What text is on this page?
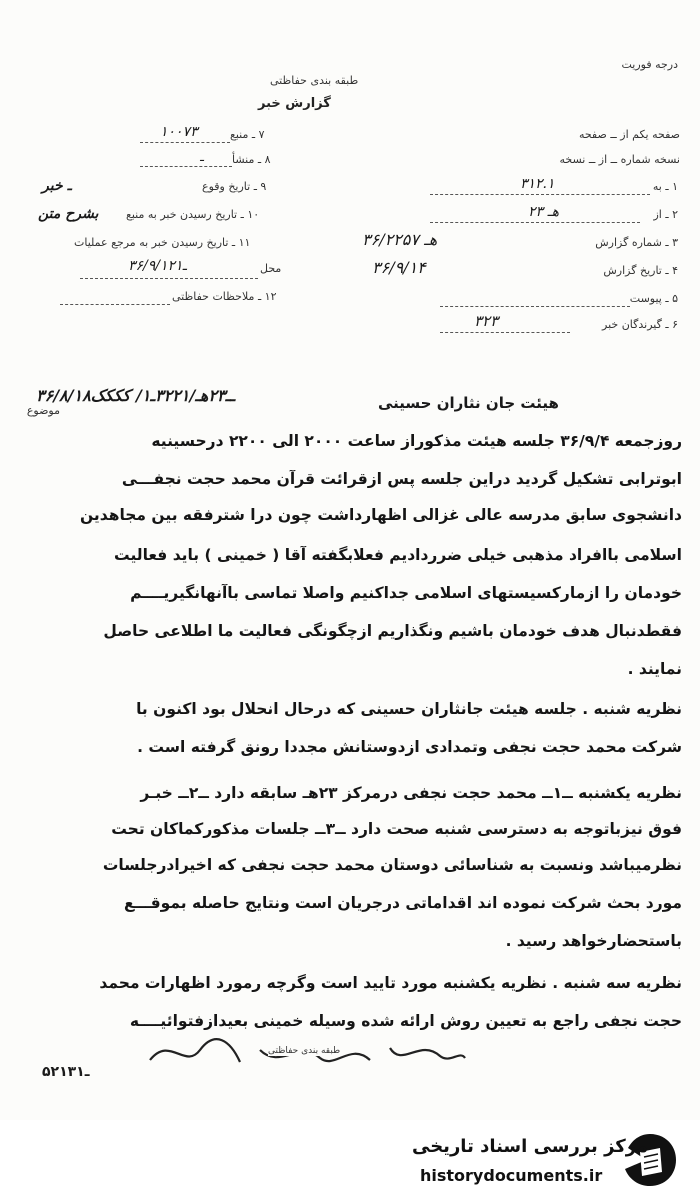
درجه فوريت
طبقه بندى حفاظتى
گزارش خبر
۷ ـ منبع
۱۰۰۷۳
۸ ـ منشأ
ـ
۹ ـ تاريخ وقوع
ـ خبر
۱۰ ـ تاريخ رسيدن خبر به منبع
بشرح متن
۱۱ ـ تاريخ رسيدن خبر به مرجع عمليات
محل
۳۶/۹/۱۲ـ۱
۱۲ ـ ملاحظات حفاظتى
صفحه يكم از ــ صفحه
نسخه شماره ــ از ــ نسخه
۱ ـ به
۳۱۲.۱
۲ ـ از
۲۳ هـ
۳ ـ شماره گزارش
۳۶/۲۲۵۷ هـ
۴ ـ تاريخ گزارش
۳۶/۹/۱۴
۵ ـ پيوست
۶ ـ گيرندگان خبر
۳۲۳
۳۶/۸/۱۸ــ۲۳هـ/۳۲۲۱ـ۱/ کککک
موضوع	هيئت جان نثاران حسينى
روزجمعه ۳۶/۹/۴ جلسه هيئت مذكوراز ساعت ۲۰۰۰ الى ۲۲۰۰ درحسينيه
ابوترابى تشكيل گرديد دراين جلسه پس ازقرائت قرآن محمد حجت نجفـــى
دانشجوى سابق مدرسه عالى غزالى اظهارداشت چون درا شترفقه بين مجاهدين
اسلامى باافراد مذهبى خيلى ضررداديم فعلابگفته آقا ( خمينى ) بايد فعاليت
خودمان را ازماركسيستهاى اسلامى جداكنيم واصلا تماسى باآنهانگيريــــم
فقطدنبال هدف خودمان باشيم ونگذاريم ازچگونگى فعاليت ما اطلاعى حاصل
نمايند .
نظريه شنبه . جلسه هيئت جانثاران حسينى كه درحال انحلال بود اكنون با
شركت محمد حجت نجفى وتمدادى ازدوستانش مجددا رونق گرفته است .
نظريه يكشنبه ــ۱ــ محمد حجت نجفى درمركز ۲۳هـ سابقه دارد ــ۲ــ خبـر
فوق نيزباتوجه به دسترسى شنبه صحت دارد ــ۳ــ جلسات مذكوركماكان تحت
نظرميباشد ونسبت به شناسائى دوستان محمد حجت نجفى كه اخيرادرجلسات
مورد بحث شركت نموده اند اقداماتى درجريان است ونتايج حاصله بموقـــع
باستحضارخواهد رسيد .
نظريه سه شنبه . نظريه يكشنبه مورد تاييد است وگرچه رمورد اظهارات محمد
حجت نجفى راجع به تعيين روش ارائه شده وسيله خمينى بعيدازفتوائيــــه
طبقه بندى حفاظتى
۵۲ـ۱۳۱
مركز بررسى اسناد تاريخى
historydocuments.ir
